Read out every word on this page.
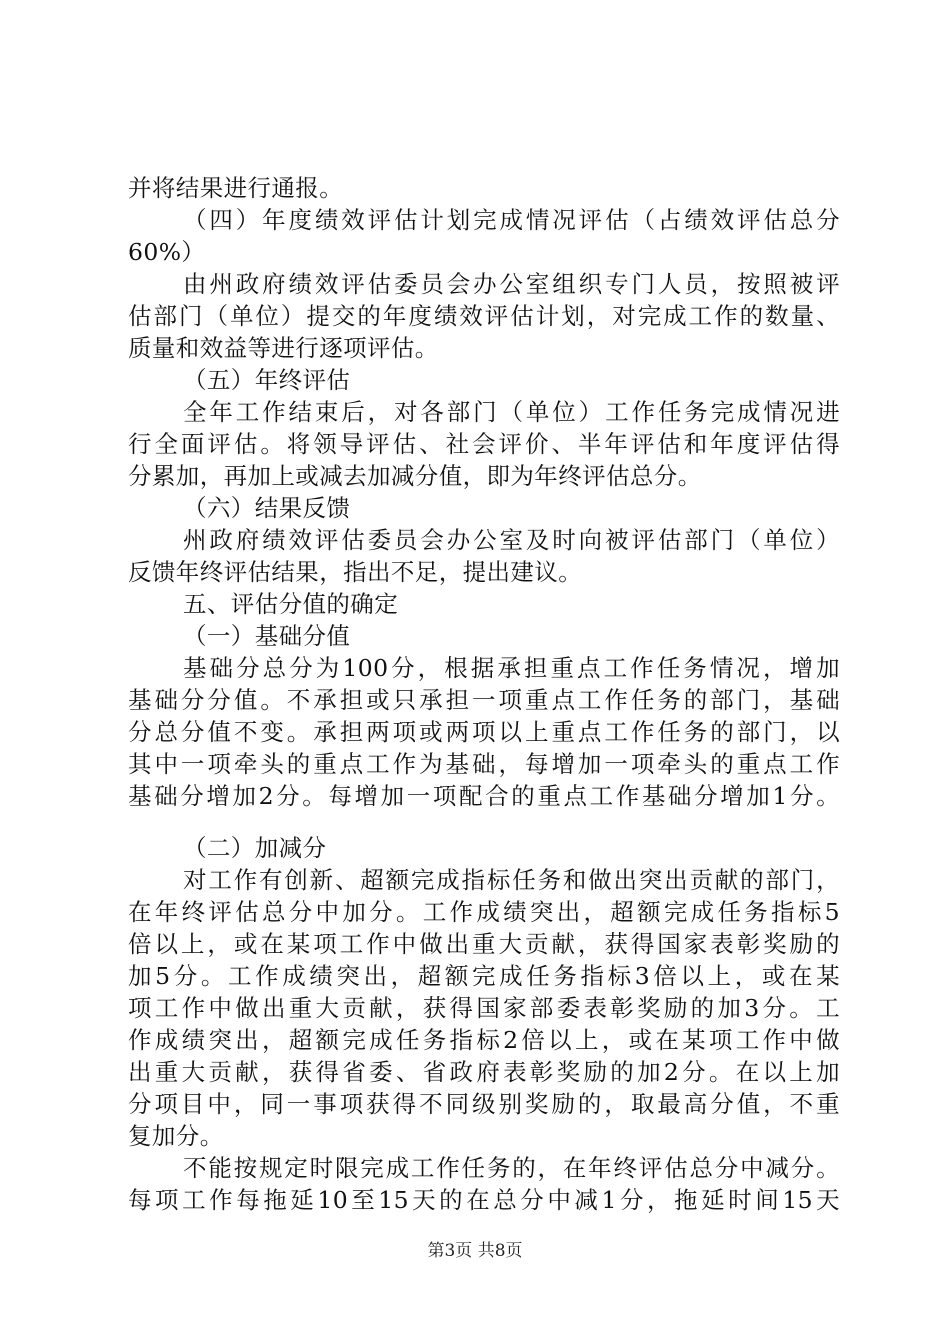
并将结果进行通报。
（四）年度绩效评估计划完成情况评估（占绩效评估总分
60%）
由州政府绩效评估委员会办公室组织专门人员，按照被评
估部门（单位）提交的年度绩效评估计划，对完成工作的数量、
质量和效益等进行逐项评估。
（五）年终评估
全年工作结束后，对各部门（单位）工作任务完成情况进
行全面评估。将领导评估、社会评价、半年评估和年度评估得
分累加，再加上或减去加减分值，即为年终评估总分。
（六）结果反馈
州政府绩效评估委员会办公室及时向被评估部门（单位）
反馈年终评估结果，指出不足，提出建议。
五、评估分值的确定
（一）基础分值
基础分总分为100分，根据承担重点工作任务情况，增加
基础分分值。不承担或只承担一项重点工作任务的部门，基础
分总分值不变。承担两项或两项以上重点工作任务的部门，以
其中一项牵头的重点工作为基础，每增加一项牵头的重点工作
基础分增加2分。每增加一项配合的重点工作基础分增加1分。
（二）加减分
对工作有创新、超额完成指标任务和做出突出贡献的部门，
在年终评估总分中加分。工作成绩突出，超额完成任务指标5
倍以上，或在某项工作中做出重大贡献，获得国家表彰奖励的
加5分。工作成绩突出，超额完成任务指标3倍以上，或在某
项工作中做出重大贡献，获得国家部委表彰奖励的加3分。工
作成绩突出，超额完成任务指标2倍以上，或在某项工作中做
出重大贡献，获得省委、省政府表彰奖励的加2分。在以上加
分项目中，同一事项获得不同级别奖励的，取最高分值，不重
复加分。
不能按规定时限完成工作任务的，在年终评估总分中减分。
每项工作每拖延10至15天的在总分中减1分，拖延时间15天
第3页 共8页
